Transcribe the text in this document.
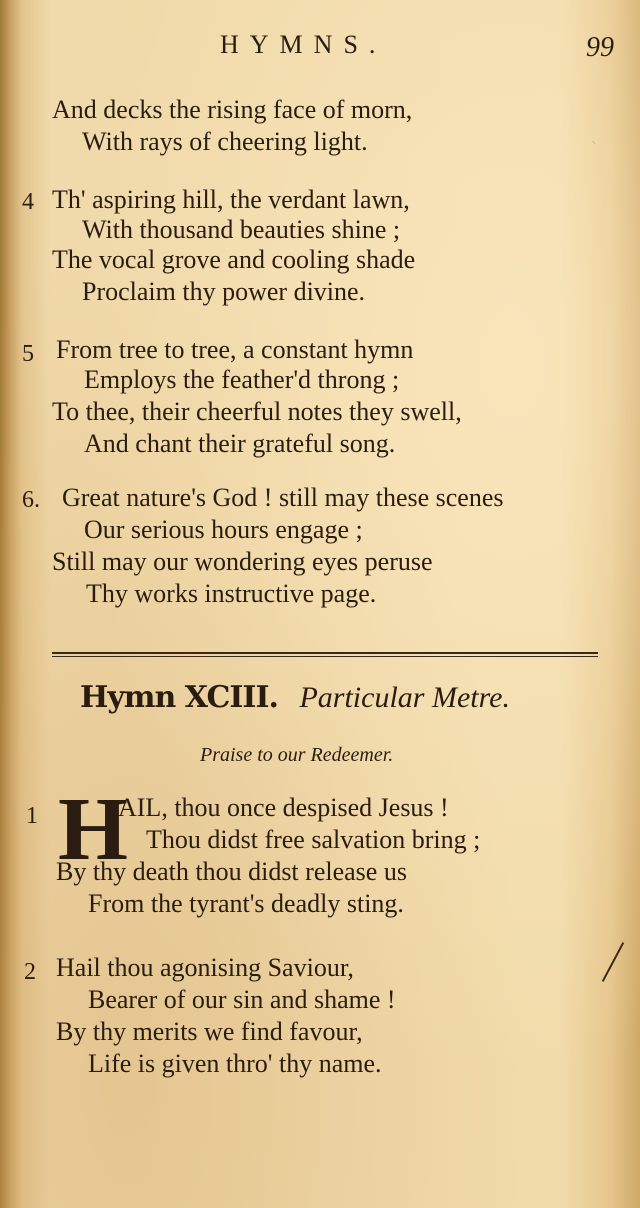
HYMNS.	99
ˎ
And decks the rising face of morn,
With rays of cheering light.
4 Th' aspiring hill, the verdant lawn,
With thousand beauties shine ;
The vocal grove and cooling shade
Proclaim thy power divine.
5 From tree to tree, a constant hymn
Employs the feather'd throng ;
To thee, their cheerful notes they swell,
And chant their grateful song.
6. Great nature's God ! still may these scenes
Our serious hours engage ;
Still may our wondering eyes peruse
Thy works instructive page.
Hymn XCIII. Particular Metre.
Praise to our Redeemer.
1 H
AIL, thou once despised Jesus !
Thou didst free salvation bring ;
By thy death thou didst release us
From the tyrant's deadly sting.
2 Hail thou agonising Saviour,
Bearer of our sin and shame !
By thy merits we find favour,
Life is given thro' thy name.
